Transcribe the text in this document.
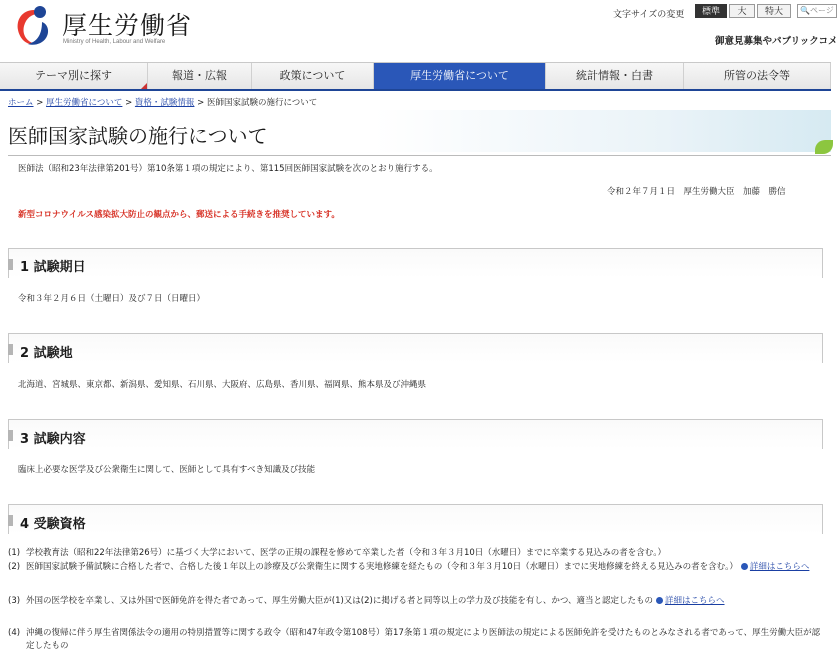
厚生労働省
Ministry of Health, Labour and Welfare
文字サイズの変更	標準	大	特大	🔍ページ
御意見募集やパブリックコメ
テーマ別に探す	報道・広報	政策について	厚生労働省について	統計情報・白書	所管の法令等
ホーム > 厚生労働省について > 資格・試験情報 > 医師国家試験の施行について
医師国家試験の施行について
医師法（昭和23年法律第201号）第10条第１項の規定により、第115回医師国家試験を次のとおり施行する。
令和２年７月１日　厚生労働大臣　加藤　勝信
新型コロナウイルス感染拡大防止の観点から、郵送による手続きを推奨しています。
1 試験期日
令和３年２月６日（土曜日）及び７日（日曜日）
2 試験地
北海道、宮城県、東京都、新潟県、愛知県、石川県、大阪府、広島県、香川県、福岡県、熊本県及び沖縄県
3 試験内容
臨床上必要な医学及び公衆衛生に関して、医師として具有すべき知識及び技能
4 受験資格
(1) 学校教育法（昭和22年法律第26号）に基づく大学において、医学の正規の課程を修めて卒業した者（令和３年３月10日（水曜日）までに卒業する見込みの者を含む。）
(2) 医師国家試験予備試験に合格した者で、合格した後１年以上の診療及び公衆衛生に関する実地修練を経たもの（令和３年３月10日（水曜日）までに実地修練を終える見込みの者を含む。） 詳細はこちらへ
(3) 外国の医学校を卒業し、又は外国で医師免許を得た者であって、厚生労働大臣が(1)又は(2)に掲げる者と同等以上の学力及び技能を有し、かつ、適当と認定したもの 詳細はこちらへ
(4) 沖縄の復帰に伴う厚生省関係法令の適用の特別措置等に関する政令（昭和47年政令第108号）第17条第１項の規定により医師法の規定による医師免許を受けたものとみなされる者であって、厚生労働大臣が認定したもの
